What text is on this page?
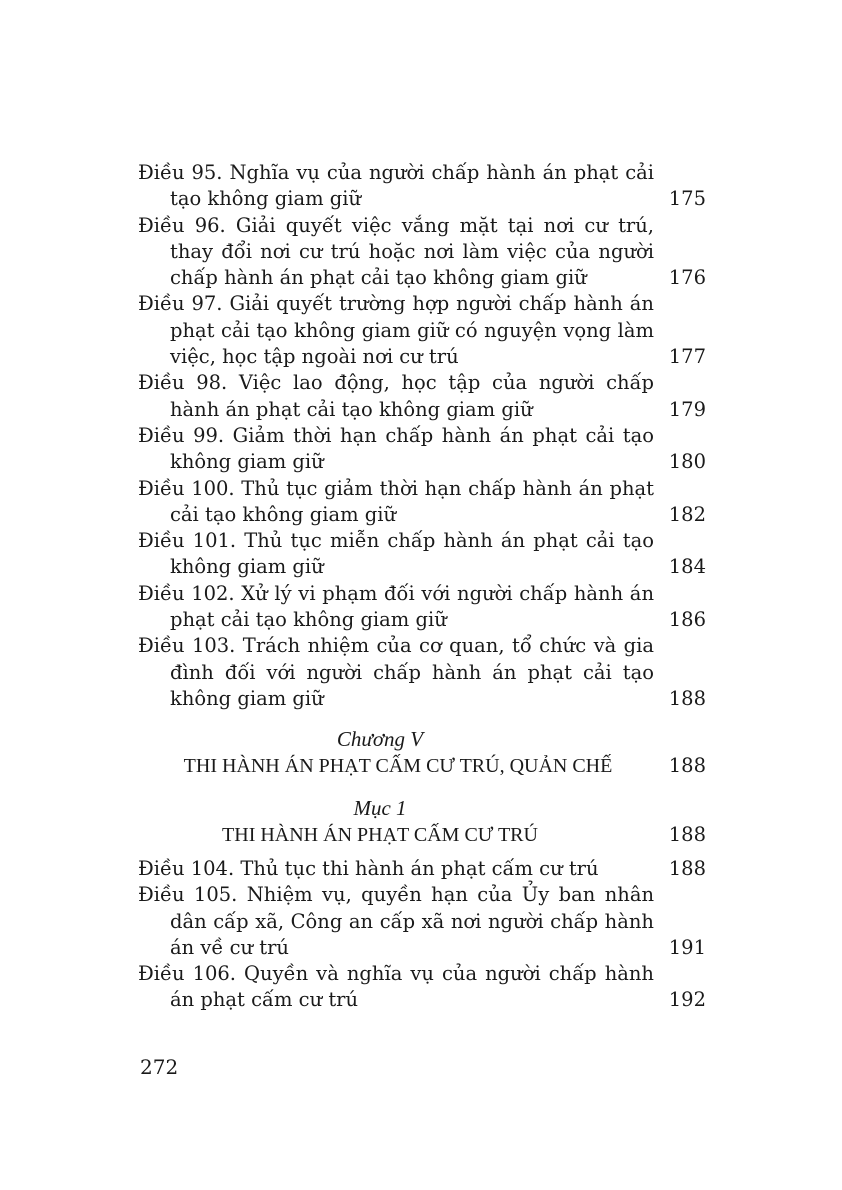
Điều 95. Nghĩa vụ của người chấp hành án phạt cải tạo không giam giữ	175
Điều 96. Giải quyết việc vắng mặt tại nơi cư trú, thay đổi nơi cư trú hoặc nơi làm việc của người chấp hành án phạt cải tạo không giam giữ	176
Điều 97. Giải quyết trường hợp người chấp hành án phạt cải tạo không giam giữ có nguyện vọng làm việc, học tập ngoài nơi cư trú	177
Điều 98. Việc lao động, học tập của người chấp hành án phạt cải tạo không giam giữ	179
Điều 99. Giảm thời hạn chấp hành án phạt cải tạo không giam giữ	180
Điều 100. Thủ tục giảm thời hạn chấp hành án phạt cải tạo không giam giữ	182
Điều 101. Thủ tục miễn chấp hành án phạt cải tạo không giam giữ	184
Điều 102. Xử lý vi phạm đối với người chấp hành án phạt cải tạo không giam giữ	186
Điều 103. Trách nhiệm của cơ quan, tổ chức và gia đình đối với người chấp hành án phạt cải tạo không giam giữ	188
Chương V
THI HÀNH ÁN PHẠT CẤM CƯ TRÚ, QUẢN CHẾ	188
Mục 1
THI HÀNH ÁN PHẠT CẤM CƯ TRÚ	188
Điều 104. Thủ tục thi hành án phạt cấm cư trú	188
Điều 105. Nhiệm vụ, quyền hạn của Ủy ban nhân dân cấp xã, Công an cấp xã nơi người chấp hành án về cư trú	191
Điều 106. Quyền và nghĩa vụ của người chấp hành án phạt cấm cư trú	192
272
